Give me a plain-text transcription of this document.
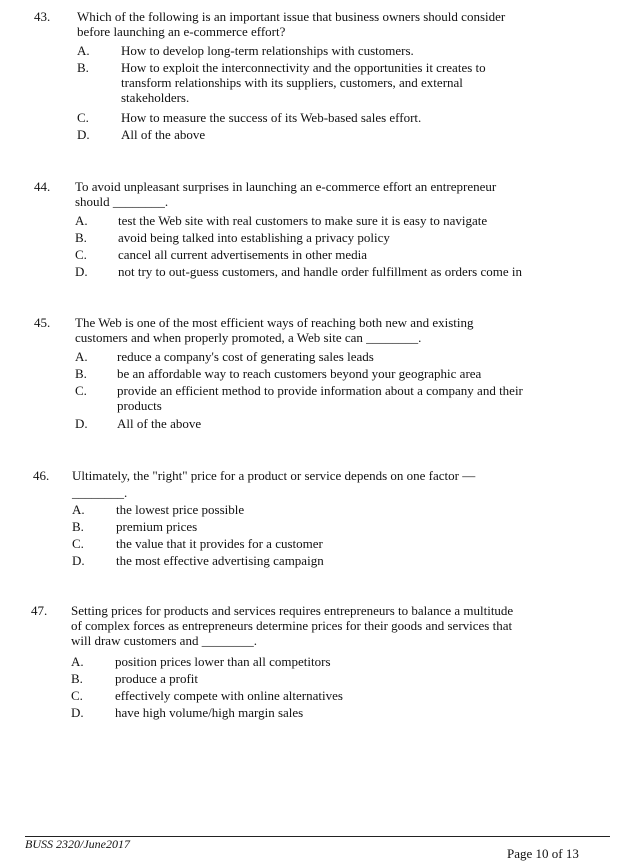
43. Which of the following is an important issue that business owners should consider
before launching an e-commerce effort?
A. How to develop long-term relationships with customers.
B. How to exploit the interconnectivity and the opportunities it creates to
transform relationships with its suppliers, customers, and external
stakeholders.
C. How to measure the success of its Web-based sales effort.
D. All of the above
44. To avoid unpleasant surprises in launching an e-commerce effort an entrepreneur
should ________.
A. test the Web site with real customers to make sure it is easy to navigate
B. avoid being talked into establishing a privacy policy
C. cancel all current advertisements in other media
D. not try to out-guess customers, and handle order fulfillment as orders come in
45. The Web is one of the most efficient ways of reaching both new and existing
customers and when properly promoted, a Web site can ________.
A. reduce a company's cost of generating sales leads
B. be an affordable way to reach customers beyond your geographic area
C. provide an efficient method to provide information about a company and their
products
D. All of the above
46. Ultimately, the "right" price for a product or service depends on one factor —
________.
A. the lowest price possible
B. premium prices
C. the value that it provides for a customer
D. the most effective advertising campaign
47. Setting prices for products and services requires entrepreneurs to balance a multitude
of complex forces as entrepreneurs determine prices for their goods and services that
will draw customers and ________.
A. position prices lower than all competitors
B. produce a profit
C. effectively compete with online alternatives
D. have high volume/high margin sales
BUSS 2320/June2017
Page 10 of 13
